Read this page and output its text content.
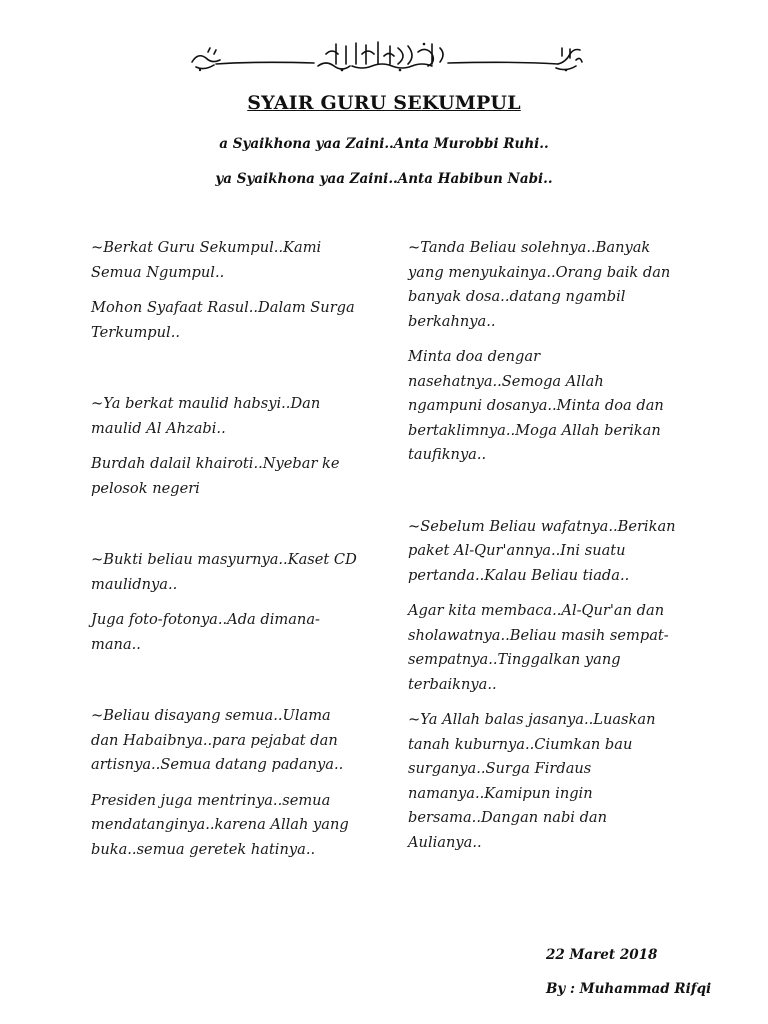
SYAIR GURU SEKUMPUL

a Syaikhona yaa Zaini..Anta Murobbi Ruhi..

ya Syaikhona yaa Zaini..Anta Habibun Nabi..

~Berkat Guru Sekumpul..Kami Semua Ngumpul..

Mohon Syafaat Rasul..Dalam Surga Terkumpul..

~Ya berkat maulid habsyi..Dan maulid Al Ahzabi..

Burdah dalail khairoti..Nyebar ke pelosok negeri

~Bukti beliau masyurnya..Kaset CD maulidnya..

Juga foto-fotonya..Ada dimana-mana..

~Beliau disayang semua..Ulama dan Habaibnya..para pejabat dan artisnya..Semua datang padanya..

Presiden juga mentrinya..semua mendatanginya..karena Allah yang buka..semua geretek hatinya..

~Tanda Beliau solehnya..Banyak yang menyukainya..Orang baik dan banyak dosa..datang ngambil berkahnya..

Minta doa dengar nasehatnya..Semoga Allah ngampuni dosanya..Minta doa dan bertaklimnya..Moga Allah berikan taufiknya..

~Sebelum Beliau wafatnya..Berikan paket Al-Qur'annya..Ini suatu pertanda..Kalau Beliau tiada..

Agar kita membaca..Al-Qur'an dan sholawatnya..Beliau masih sempat-sempatnya..Tinggalkan yang terbaiknya..

~Ya Allah balas jasanya..Luaskan tanah kuburnya..Ciumkan bau surganya..Surga Firdaus namanya..Kamipun ingin bersama..Dangan nabi dan Aulianya..

22 Maret 2018
By : Muhammad Rifqi
